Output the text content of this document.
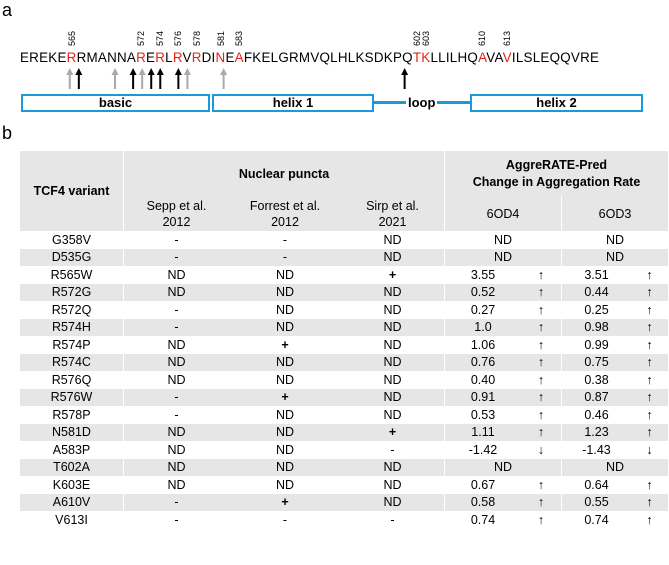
a
b
EREKERRMANNARERLRVRDINEAFKELGRMVQLHLKSDKPQTKLLILHQAVAVILSLEQQVRE
565	572 574 576 578 581 583	602
603	610 613
basic	helix 1	loop	helix 2
TCF4 variant	Nuclear puncta			AggreRATE-Pred
Change in Aggregation Rate			
	Sepp et al.
2012	Forrest et al.
2012	Sirp et al.
2021	6OD4		6OD3	
G358V	-	-	ND	ND		ND	
D535G	-	-	ND	ND		ND	
R565W	ND	ND	+	3.55	↑	3.51	↑
R572G	ND	ND	ND	0.52	↑	0.44	↑
R572Q	-	ND	ND	0.27	↑	0.25	↑
R574H	-	ND	ND	1.0	↑	0.98	↑
R574P	ND	+	ND	1.06	↑	0.99	↑
R574C	ND	ND	ND	0.76	↑	0.75	↑
R576Q	ND	ND	ND	0.40	↑	0.38	↑
R576W	-	+	ND	0.91	↑	0.87	↑
R578P	-	ND	ND	0.53	↑	0.46	↑
N581D	ND	ND	+	1.11	↑	1.23	↑
A583P	ND	ND	-	-1.42	↓	-1.43	↓
T602A	ND	ND	ND	ND		ND	
K603E	ND	ND	ND	0.67	↑	0.64	↑
A610V	-	+	ND	0.58	↑	0.55	↑
V613I	-	-	-	0.74	↑	0.74	↑
